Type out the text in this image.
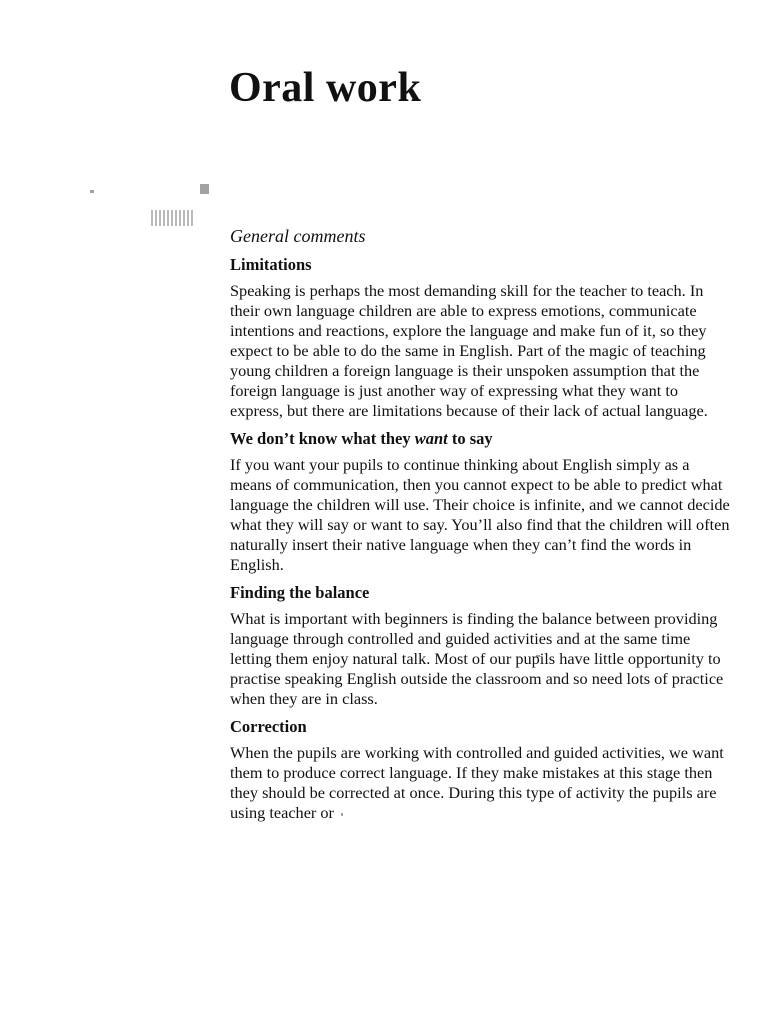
Oral work
General comments
Limitations

Speaking is perhaps the most demanding skill for the teacher to teach. In their own language children are able to express emotions, communicate intentions and reactions, explore the language and make fun of it, so they expect to be able to do the same in English. Part of the magic of teaching young children a foreign language is their unspoken assumption that the foreign language is just another way of expressing what they want to express, but there are limitations because of their lack of actual language.

We don’t know what they want to say

If you want your pupils to continue thinking about English simply as a means of communication, then you cannot expect to be able to predict what language the children will use. Their choice is infinite, and we cannot decide what they will say or want to say. You’ll also find that the children will often naturally insert their native language when they can’t find the words in English.

Finding the balance

What is important with beginners is finding the balance between providing language through controlled and guided activities and at the same time letting them enjoy natural talk. Most of our pupils have little opportunity to practise speaking English outside the classroom and so need lots of practice when they are in class.

Correction

When the pupils are working with controlled and guided activities, we want them to produce correct language. If they make mistakes at this stage then they should be corrected at once. During this type of activity the pupils are using teacher or
